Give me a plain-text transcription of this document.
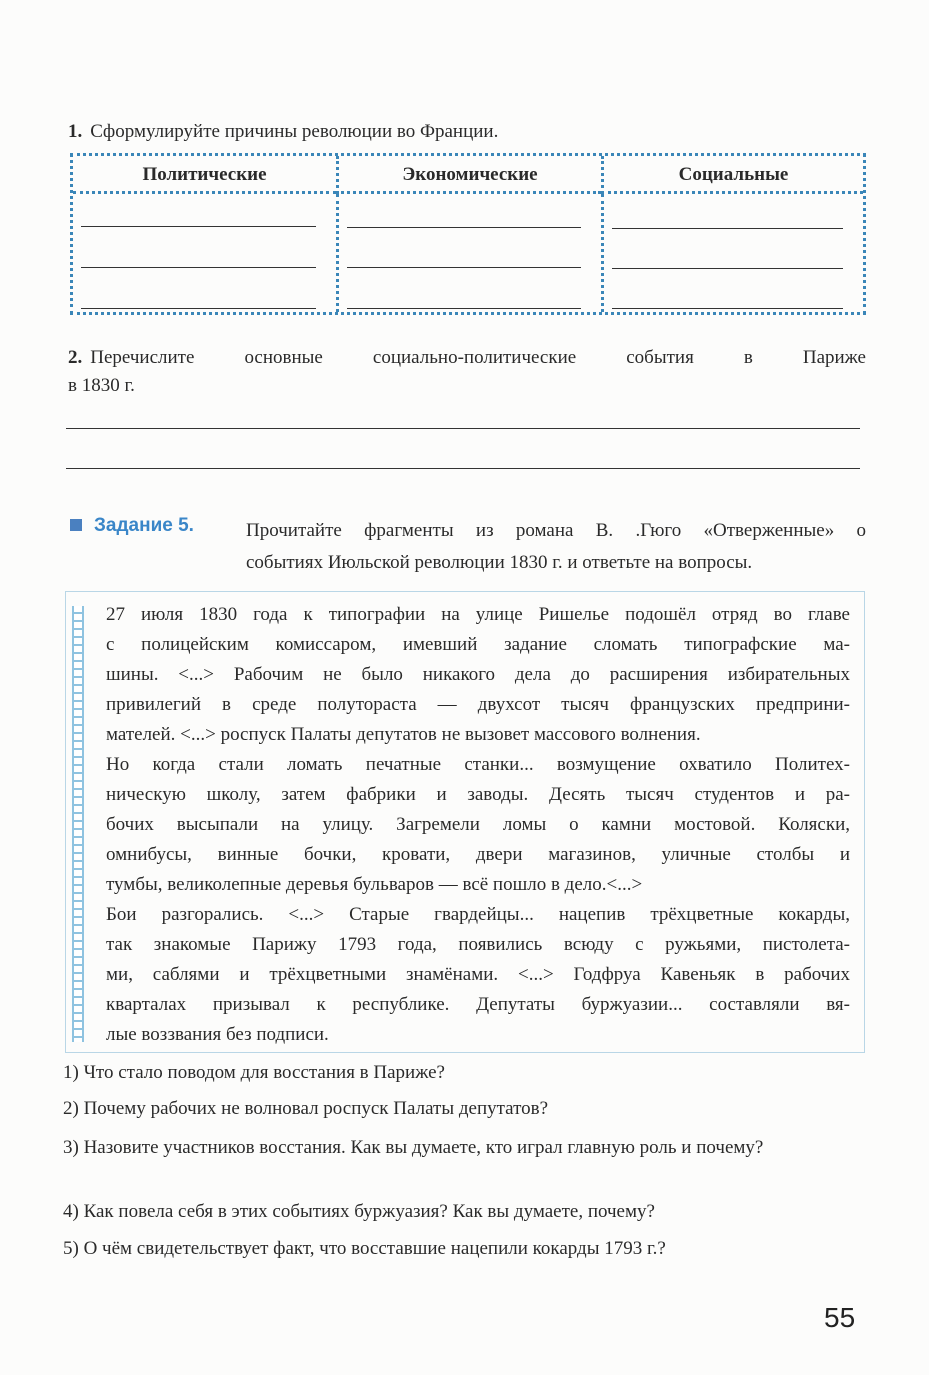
1. Сформулируйте причины революции во Франции.
Политические	Экономические	Социальные
2. Перечислите основные социально-политические события в Париже
в 1830 г.
Задание 5.	Прочитайте фрагменты из романа В. .Гюго «Отверженные» о
событиях Июльской революции 1830 г. и ответьте на вопросы.
27 июля 1830 года к типографии на улице Ришелье подошёл отряд во главе
с полицейским комиссаром, имевший задание сломать типографские ма-
шины. <...> Рабочим не было никакого дела до расширения избирательных
привилегий в среде полутораста — двухсот тысяч французских предприни-
мателей. <...> роспуск Палаты депутатов не вызовет массового волнения.
Но когда стали ломать печатные станки... возмущение охватило Политех-
ническую школу, затем фабрики и заводы. Десять тысяч студентов и ра-
бочих высыпали на улицу. Загремели ломы о камни мостовой. Коляски,
омнибусы, винные бочки, кровати, двери магазинов, уличные столбы и
тумбы, великолепные деревья бульваров — всё пошло в дело.<...>
Бои разгорались. <...> Старые гвардейцы... нацепив трёхцветные кокарды,
так знакомые Парижу 1793 года, появились всюду с ружьями, пистолета-
ми, саблями и трёхцветными знамёнами. <...> Годфруа Кавеньяк в рабочих
кварталах призывал к республике. Депутаты буржуазии... составляли вя-
лые воззвания без подписи.
1) Что стало поводом для восстания в Париже?
2) Почему рабочих не волновал роспуск Палаты депутатов?
3) Назовите участников восстания. Как вы думаете, кто играл главную роль и почему?
4) Как повела себя в этих событиях буржуазия? Как вы думаете, почему?
5) О чём свидетельствует факт, что восставшие нацепили кокарды 1793 г.?
55
